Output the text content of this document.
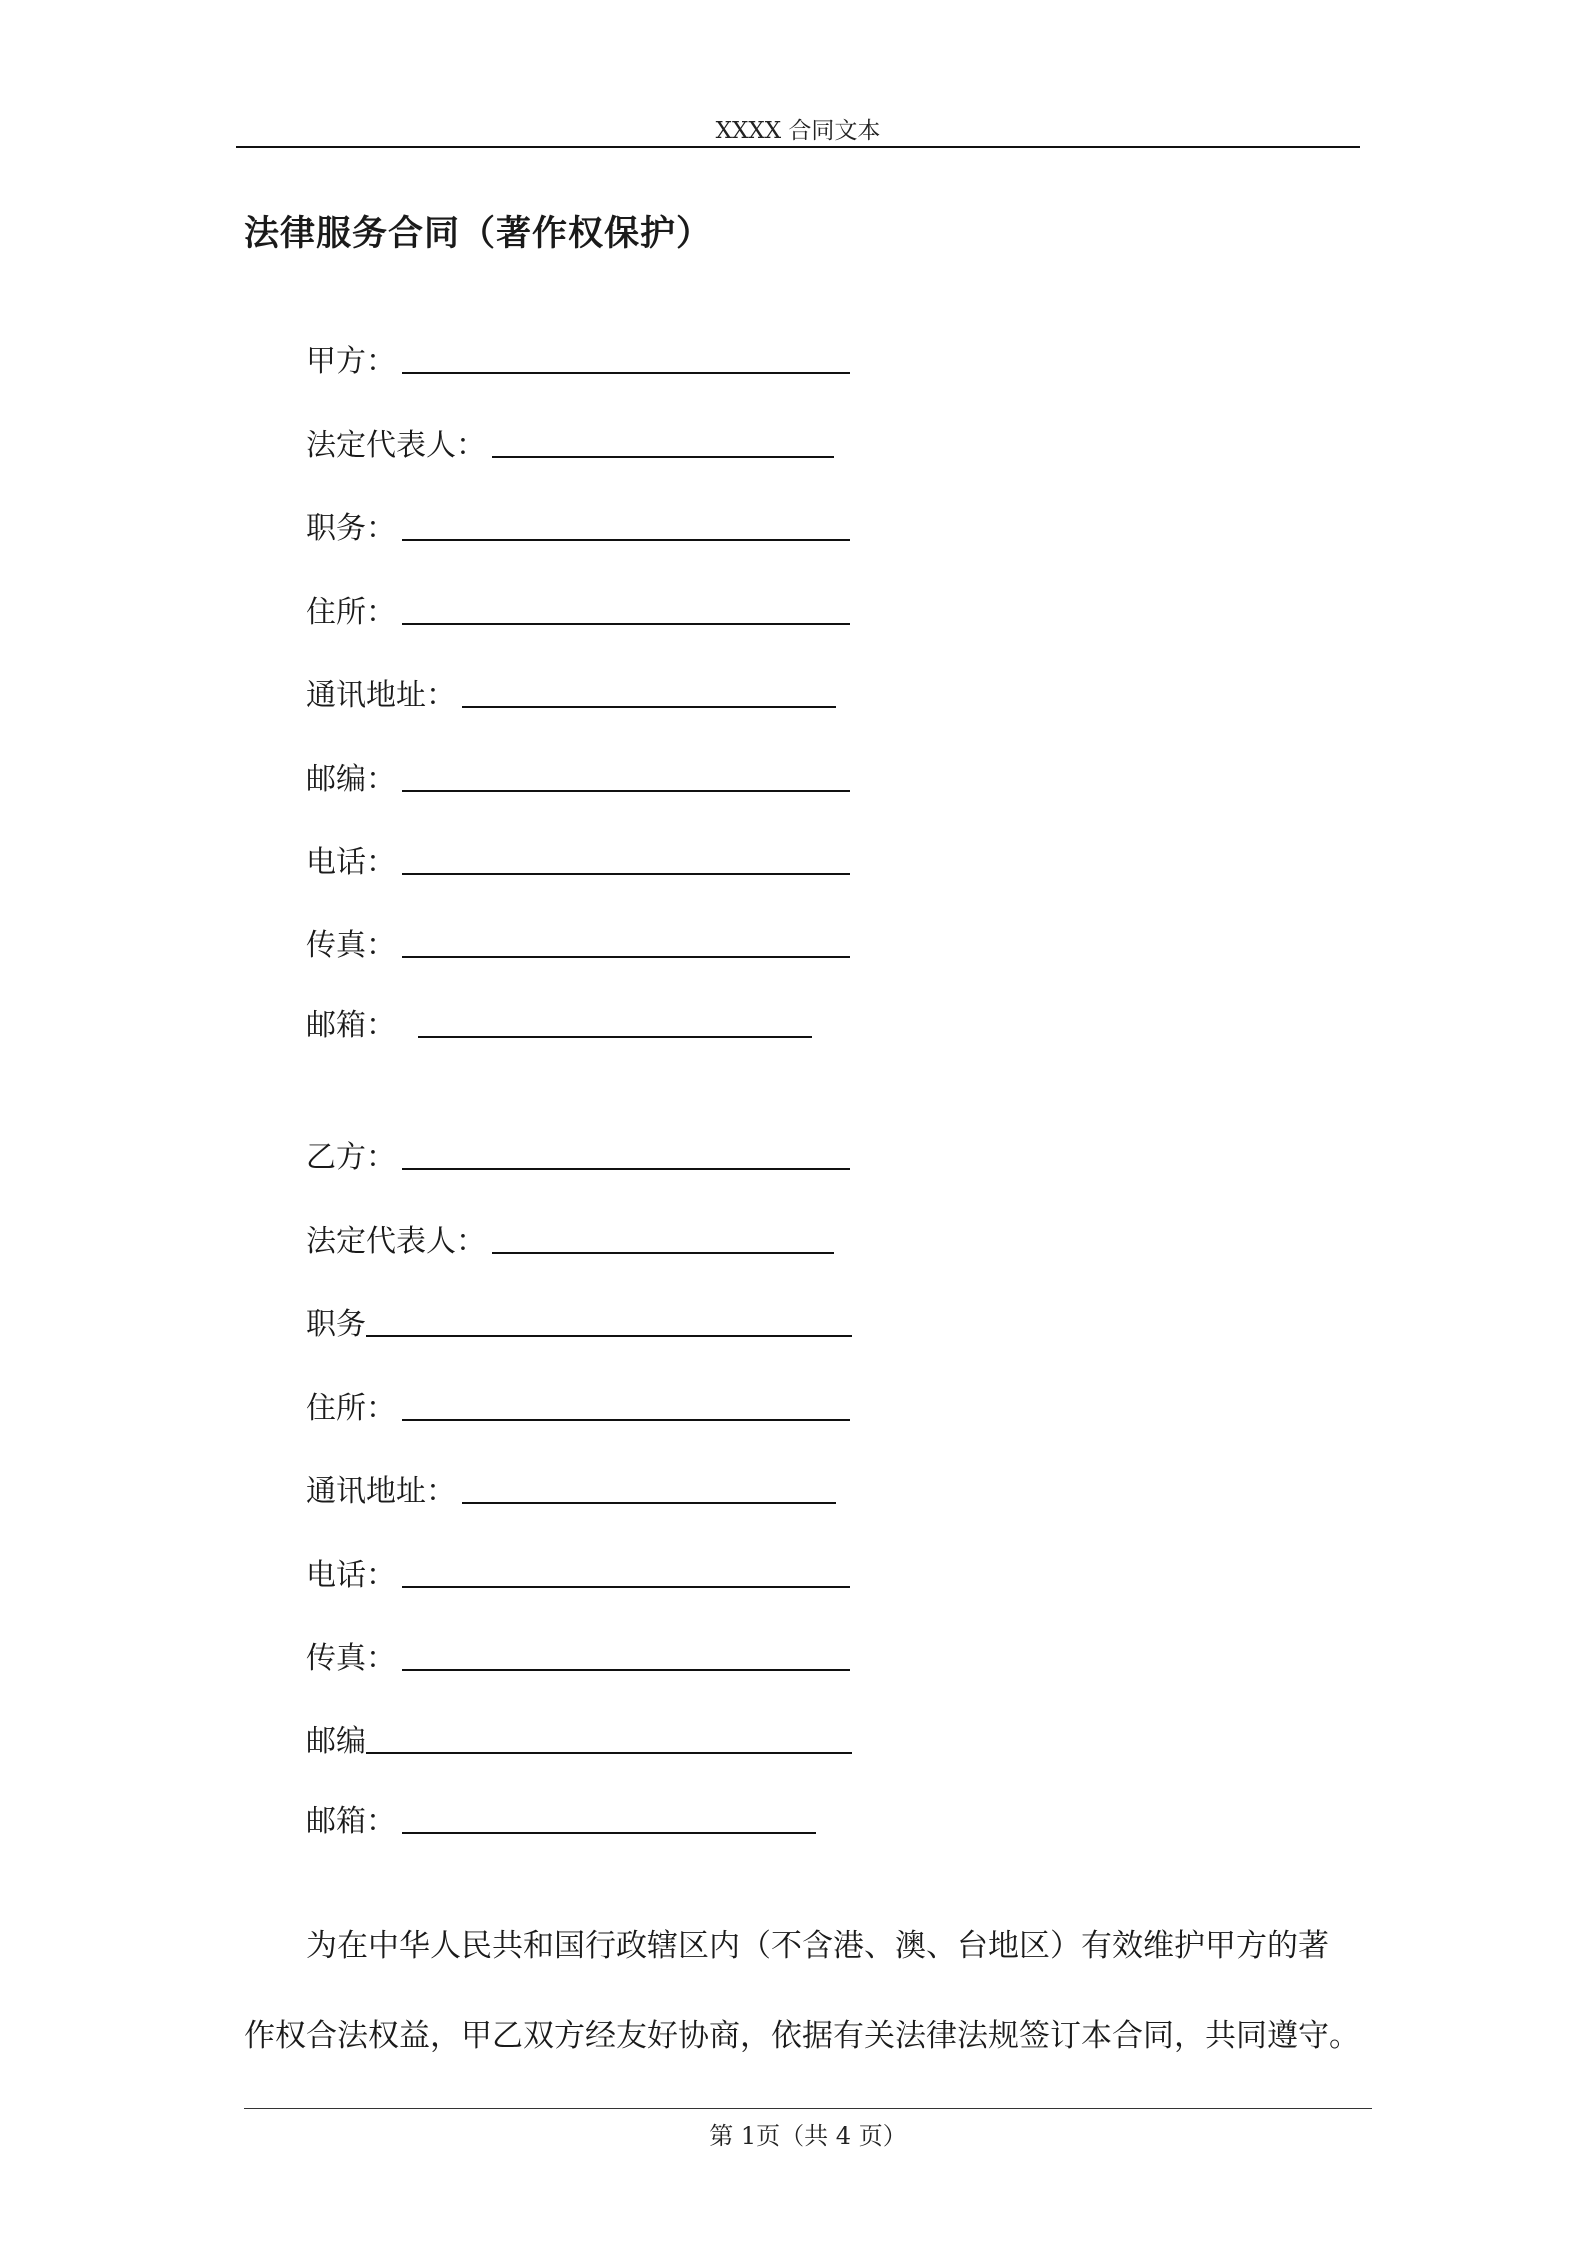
XXXX 合同文本
法律服务合同（著作权保护）
甲方：
法定代表人：
职务：
住所：
通讯地址：
邮编：
电话：
传真：
邮箱：
乙方：
法定代表人：
职务
住所：
通讯地址：
电话：
传真：
邮编
邮箱：
为在中华人民共和国行政辖区内（不含港、澳、台地区）有效维护甲方的著
作权合法权益，甲乙双方经友好协商，依据有关法律法规签订本合同，共同遵守。
第 1页（共 4 页）
